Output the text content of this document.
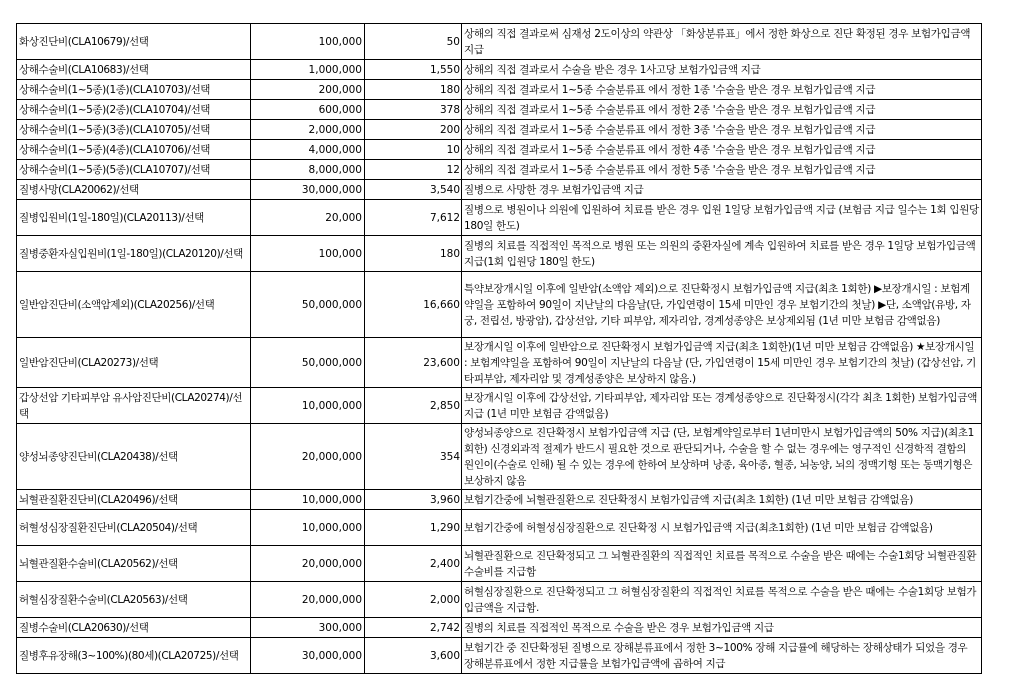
화상진단비(CLA10679)/선택	100,000	50	상해의 직접 결과로써 심재성 2도이상의 약관상 「화상분류표」에서 정한 화상으로 진단 확정된 경우 보험가입금액 지급
상해수술비(CLA10683)/선택	1,000,000	1,550	상해의 직접 결과로서 수술을 받은 경우 1사고당 보험가입금액 지급
상해수술비(1~5종)(1종)(CLA10703)/선택	200,000	180	상해의 직접 결과로서 1~5종 수술분류표 에서 정한 1종 '수술을 받은 경우 보험가입금액 지급
상해수술비(1~5종)(2종)(CLA10704)/선택	600,000	378	상해의 직접 결과로서 1~5종 수술분류표 에서 정한 2종 '수술을 받은 경우 보험가입금액 지급
상해수술비(1~5종)(3종)(CLA10705)/선택	2,000,000	200	상해의 직접 결과로서 1~5종 수술분류표 에서 정한 3종 '수술을 받은 경우 보험가입금액 지급
상해수술비(1~5종)(4종)(CLA10706)/선택	4,000,000	10	상해의 직접 결과로서 1~5종 수술분류표 에서 정한 4종 '수술을 받은 경우 보험가입금액 지급
상해수술비(1~5종)(5종)(CLA10707)/선택	8,000,000	12	상해의 직접 결과로서 1~5종 수술분류표 에서 정한 5종 '수술을 받은 경우 보험가입금액 지급
질병사망(CLA20062)/선택	30,000,000	3,540	질병으로 사망한 경우 보험가입금액 지급
질병입원비(1일-180일)(CLA20113)/선택	20,000	7,612	질병으로 병원이나 의원에 입원하여 치료를 받은 경우 입원 1일당 보험가입금액 지급 (보험금 지급 일수는 1회 입원당 180일 한도)
질병중환자실입원비(1일-180일)(CLA20120)/선택	100,000	180	질병의 치료를 직접적인 목적으로 병원 또는 의원의 중환자실에 계속 입원하여 치료를 받은 경우 1일당 보험가입금액 지급(1회 입원당 180일 한도)
일반암진단비(소액암제외)(CLA20256)/선택	50,000,000	16,660	특약보장개시일 이후에 일반암(소액암 제외)으로 진단확정시 보험가입금액 지급(최초 1회한) ▶보장개시일 : 보험계약일을 포함하여 90일이 지난날의 다음날(단, 가입연령이 15세 미만인 경우 보험기간의 첫날) ▶단, 소액암(유방, 자궁, 전립선, 방광암), 갑상선암, 기타 피부암, 제자리암, 경계성종양은 보상제외됨 (1년 미만 보험금 감액없음)
일반암진단비(CLA20273)/선택	50,000,000	23,600	보장개시일 이후에 일반암으로 진단확정시 보험가입금액 지급(최초 1회한)(1년 미만 보험금 감액없음) ★보장개시일 : 보험계약일을 포함하여 90일이 지난날의 다음날 (단, 가입연령이 15세 미만인 경우 보험기간의 첫날) (갑상선암, 기타피부암, 제자리암 및 경계성종양은 보상하지 않음.)
갑상선암 기타피부암 유사암진단비(CLA20274)/선택	10,000,000	2,850	보장개시일 이후에 갑상선암, 기타피부암, 제자리암 또는 경계성종양으로 진단확정시(각각 최초 1회한) 보험가입금액 지급 (1년 미만 보험금 감액없음)
양성뇌종양진단비(CLA20438)/선택	20,000,000	354	양성뇌종양으로 진단확정시 보험가입금액 지급 (단, 보험계약일로부터 1년미만시 보험가입금액의 50% 지급)(최초1회한) 신경외과적 절제가 반드시 필요한 것으로 판단되거나, 수술을 할 수 없는 경우에는 영구적인 신경학적 결함의 원인이(수술로 인해) 될 수 있는 경우에 한하여 보상하며 낭종, 육아종, 혈종, 뇌농양, 뇌의 정맥기형 또는 동맥기형은 보상하지 않음
뇌혈관질환진단비(CLA20496)/선택	10,000,000	3,960	보험기간중에 뇌혈관질환으로 진단확정시 보험가입금액 지급(최초 1회한) (1년 미만 보험금 감액없음)
허혈성심장질환진단비(CLA20504)/선택	10,000,000	1,290	보험기간중에 허혈성심장질환으로 진단확정 시 보험가입금액 지급(최초1회한) (1년 미만 보험금 감액없음)
뇌혈관질환수술비(CLA20562)/선택	20,000,000	2,400	뇌혈관질환으로 진단확정되고 그 뇌혈관질환의 직접적인 치료를 목적으로 수술을 받은 때에는 수술1회당 뇌혈관질환수술비를 지급함
허혈심장질환수술비(CLA20563)/선택	20,000,000	2,000	허혈심장질환으로 진단확정되고 그 허혈심장질환의 직접적인 치료를 목적으로 수술을 받은 때에는 수술1회당 보험가입금액을 지급함.
질병수술비(CLA20630)/선택	300,000	2,742	질병의 치료를 직접적인 목적으로 수술을 받은 경우 보험가입금액 지급
질병후유장해(3~100%)(80세)(CLA20725)/선택	30,000,000	3,600	보험기간 중 진단확정된 질병으로 장해분류표에서 정한 3~100% 장해 지급률에 해당하는 장해상태가 되었을 경우 장해분류표에서 정한 지급률을 보험가입금액에 곱하여 지급
